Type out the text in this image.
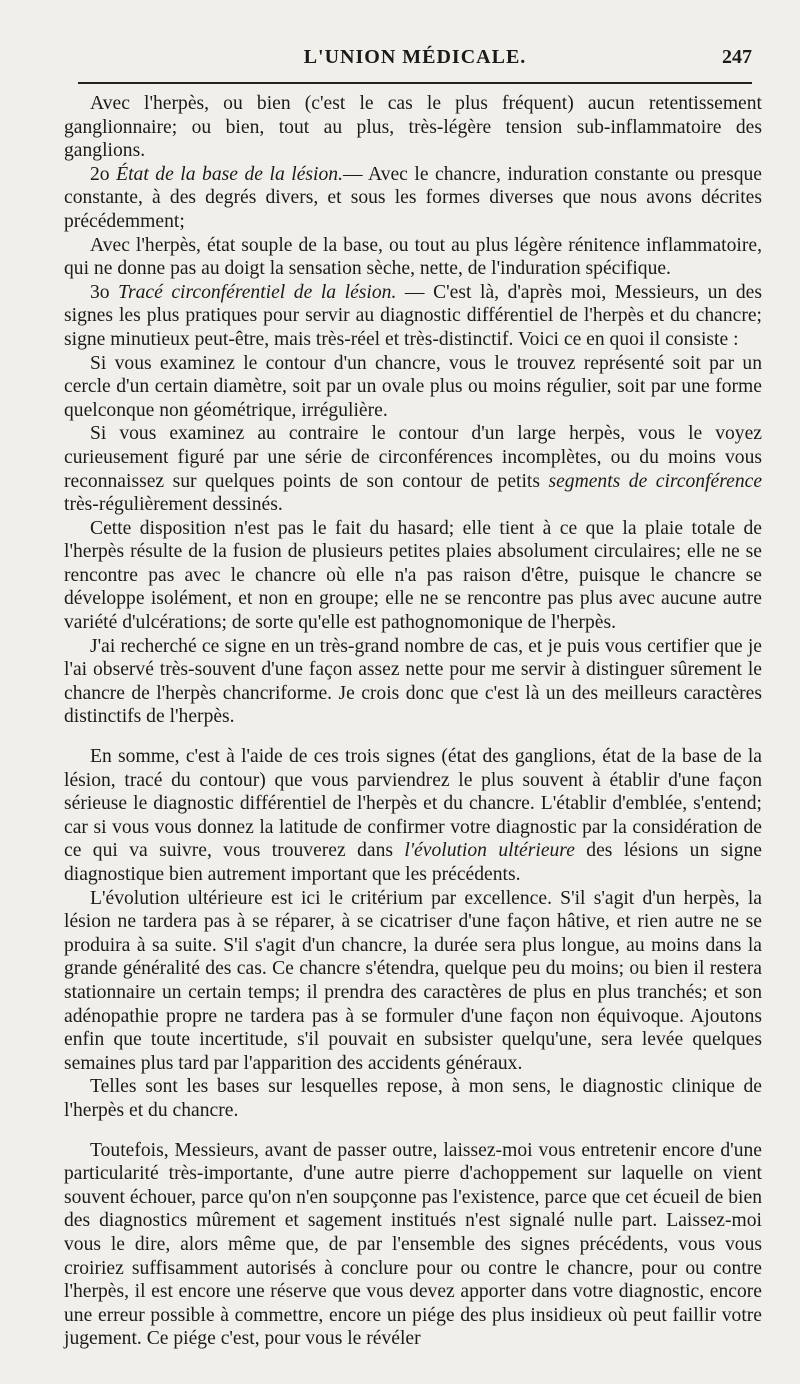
L'UNION MÉDICALE.	247

Avec l'herpès, ou bien (c'est le cas le plus fréquent) aucun retentissement ganglionnaire; ou bien, tout au plus, très-légère tension sub-inflammatoire des ganglions.

2o État de la base de la lésion.— Avec le chancre, induration constante ou presque constante, à des degrés divers, et sous les formes diverses que nous avons décrites précédemment;

Avec l'herpès, état souple de la base, ou tout au plus légère rénitence inflammatoire, qui ne donne pas au doigt la sensation sèche, nette, de l'induration spécifique.

3o Tracé circonférentiel de la lésion. — C'est là, d'après moi, Messieurs, un des signes les plus pratiques pour servir au diagnostic différentiel de l'herpès et du chancre; signe minutieux peut-être, mais très-réel et très-distinctif. Voici ce en quoi il consiste :

Si vous examinez le contour d'un chancre, vous le trouvez représenté soit par un cercle d'un certain diamètre, soit par un ovale plus ou moins régulier, soit par une forme quelconque non géométrique, irrégulière.

Si vous examinez au contraire le contour d'un large herpès, vous le voyez curieusement figuré par une série de circonférences incomplètes, ou du moins vous reconnaissez sur quelques points de son contour de petits segments de circonférence très-régulièrement dessinés.

Cette disposition n'est pas le fait du hasard; elle tient à ce que la plaie totale de l'herpès résulte de la fusion de plusieurs petites plaies absolument circulaires; elle ne se rencontre pas avec le chancre où elle n'a pas raison d'être, puisque le chancre se développe isolément, et non en groupe; elle ne se rencontre pas plus avec aucune autre variété d'ulcérations; de sorte qu'elle est pathognomonique de l'herpès.

J'ai recherché ce signe en un très-grand nombre de cas, et je puis vous certifier que je l'ai observé très-souvent d'une façon assez nette pour me servir à distinguer sûrement le chancre de l'herpès chancriforme. Je crois donc que c'est là un des meilleurs caractères distinctifs de l'herpès.

En somme, c'est à l'aide de ces trois signes (état des ganglions, état de la base de la lésion, tracé du contour) que vous parviendrez le plus souvent à établir d'une façon sérieuse le diagnostic différentiel de l'herpès et du chancre. L'établir d'emblée, s'entend; car si vous vous donnez la latitude de confirmer votre diagnostic par la considération de ce qui va suivre, vous trouverez dans l'évolution ultérieure des lésions un signe diagnostique bien autrement important que les précédents.

L'évolution ultérieure est ici le critérium par excellence. S'il s'agit d'un herpès, la lésion ne tardera pas à se réparer, à se cicatriser d'une façon hâtive, et rien autre ne se produira à sa suite. S'il s'agit d'un chancre, la durée sera plus longue, au moins dans la grande généralité des cas. Ce chancre s'étendra, quelque peu du moins; ou bien il restera stationnaire un certain temps; il prendra des caractères de plus en plus tranchés; et son adénopathie propre ne tardera pas à se formuler d'une façon non équivoque. Ajoutons enfin que toute incertitude, s'il pouvait en subsister quelqu'une, sera levée quelques semaines plus tard par l'apparition des accidents généraux.

Telles sont les bases sur lesquelles repose, à mon sens, le diagnostic clinique de l'herpès et du chancre.

Toutefois, Messieurs, avant de passer outre, laissez-moi vous entretenir encore d'une particularité très-importante, d'une autre pierre d'achoppement sur laquelle on vient souvent échouer, parce qu'on n'en soupçonne pas l'existence, parce que cet écueil de bien des diagnostics mûrement et sagement institués n'est signalé nulle part. Laissez-moi vous le dire, alors même que, de par l'ensemble des signes précédents, vous vous croiriez suffisamment autorisés à conclure pour ou contre le chancre, pour ou contre l'herpès, il est encore une réserve que vous devez apporter dans votre diagnostic, encore une erreur possible à commettre, encore un piége des plus insidieux où peut faillir votre jugement. Ce piége c'est, pour vous le révéler
